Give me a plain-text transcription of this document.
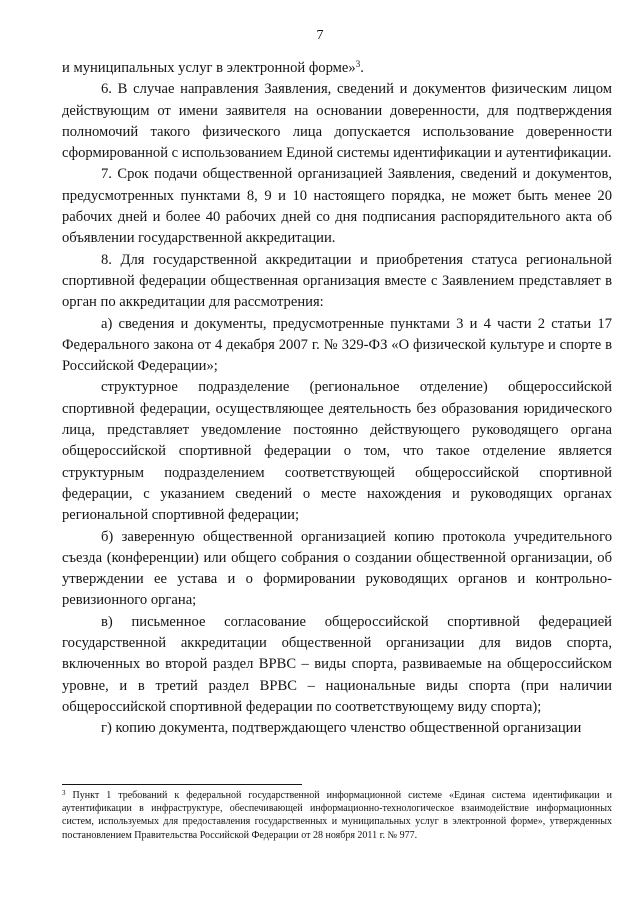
7

и муниципальных услуг в электронной форме»$^3$.

6. В случае направления Заявления, сведений и документов физическим лицом действующим от имени заявителя на основании доверенности, для подтверждения полномочий такого физического лица допускается использование доверенности сформированной с использованием Единой системы идентификации и аутентификации.

7. Срок подачи общественной организацией Заявления, сведений и документов, предусмотренных пунктами 8, 9 и 10 настоящего порядка, не может быть менее 20 рабочих дней и более 40 рабочих дней со дня подписания распорядительного акта об объявлении государственной аккредитации.

8. Для государственной аккредитации и приобретения статуса региональной спортивной федерации общественная организация вместе с Заявлением представляет в орган по аккредитации для рассмотрения:

а) сведения и документы, предусмотренные пунктами 3 и 4 части 2 статьи 17 Федерального закона от 4 декабря 2007 г. № 329-ФЗ «О физической культуре и спорте в Российской Федерации»;

структурное подразделение (региональное отделение) общероссийской спортивной федерации, осуществляющее деятельность без образования юридического лица, представляет уведомление постоянно действующего руководящего органа общероссийской спортивной федерации о том, что такое отделение является структурным подразделением соответствующей общероссийской спортивной федерации, с указанием сведений о месте нахождения и руководящих органах региональной спортивной федерации;

б) заверенную общественной организацией копию протокола учредительного съезда (конференции) или общего собрания о создании общественной организации, об утверждении ее устава и о формировании руководящих органов и контрольно-ревизионного органа;

в) письменное согласование общероссийской спортивной федерацией государственной аккредитации общественной организации для видов спорта, включенных во второй раздел ВРВС – виды спорта, развиваемые на общероссийском уровне, и в третий раздел ВРВС – национальные виды спорта (при наличии общероссийской спортивной федерации по соответствующему виду спорта);

г) копию документа, подтверждающего членство общественной организации

$^3$ Пункт 1 требований к федеральной государственной информационной системе «Единая система идентификации и аутентификации в инфраструктуре, обеспечивающей информационно-технологическое взаимодействие информационных систем, используемых для предоставления государственных и муниципальных услуг в электронной форме», утвержденных постановлением Правительства Российской Федерации от 28 ноября 2011 г. № 977.
